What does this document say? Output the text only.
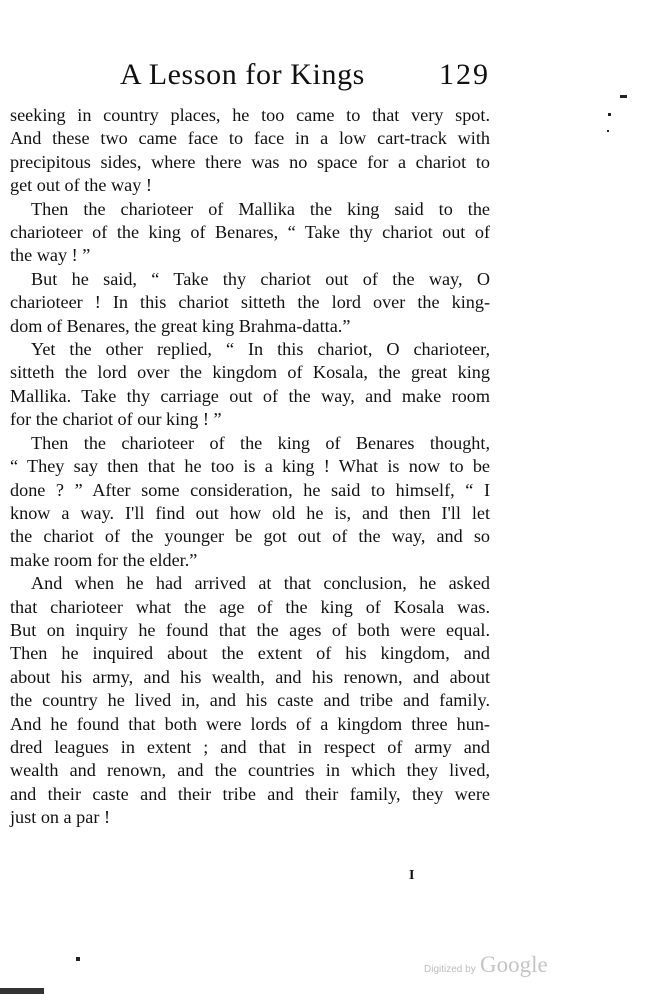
A Lesson for Kings 129
seeking in country places, he too came to that very spot.
And these two came face to face in a low cart-track with
precipitous sides, where there was no space for a chariot to
get out of the way !
Then the charioteer of Mallika the king said to the
charioteer of the king of Benares, “ Take thy chariot out of
the way ! ”
But he said, “ Take thy chariot out of the way, O
charioteer ! In this chariot sitteth the lord over the king-
dom of Benares, the great king Brahma-datta.”
Yet the other replied, “ In this chariot, O charioteer,
sitteth the lord over the kingdom of Kosala, the great king
Mallika. Take thy carriage out of the way, and make room
for the chariot of our king ! ”
Then the charioteer of the king of Benares thought,
“ They say then that he too is a king ! What is now to be
done ? ” After some consideration, he said to himself, “ I
know a way. I'll find out how old he is, and then I'll let
the chariot of the younger be got out of the way, and so
make room for the elder.”
And when he had arrived at that conclusion, he asked
that charioteer what the age of the king of Kosala was.
But on inquiry he found that the ages of both were equal.
Then he inquired about the extent of his kingdom, and
about his army, and his wealth, and his renown, and about
the country he lived in, and his caste and tribe and family.
And he found that both were lords of a kingdom three hun-
dred leagues in extent ; and that in respect of army and
wealth and renown, and the countries in which they lived,
and their caste and their tribe and their family, they were
just on a par !
I
Digitized by Google
